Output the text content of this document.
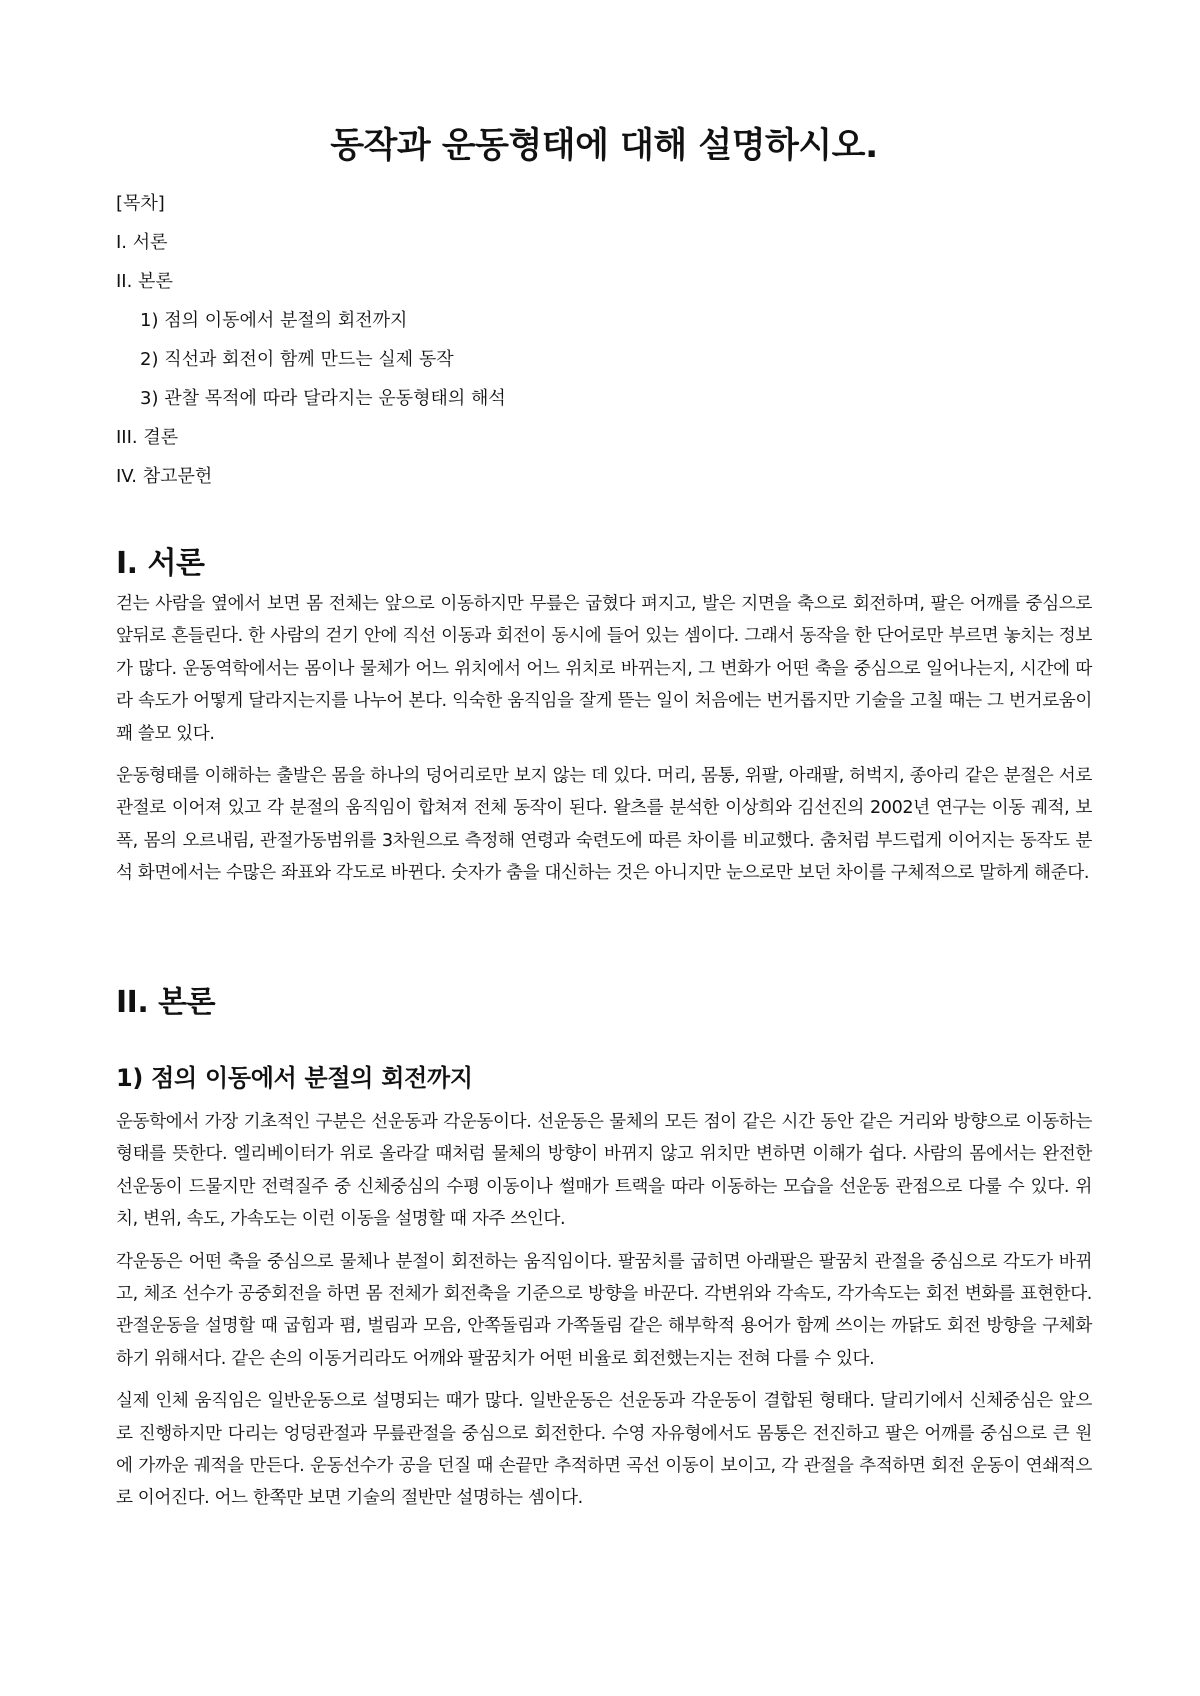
동작과 운동형태에 대해 설명하시오.
[목차]
I. 서론
II. 본론
1) 점의 이동에서 분절의 회전까지
2) 직선과 회전이 함께 만드는 실제 동작
3) 관찰 목적에 따라 달라지는 운동형태의 해석
III. 결론
IV. 참고문헌
I. 서론

걷는 사람을 옆에서 보면 몸 전체는 앞으로 이동하지만 무릎은 굽혔다 펴지고, 발은 지면을 축으로 회전하며, 팔은 어깨를 중심으로 앞뒤로 흔들린다. 한 사람의 걷기 안에 직선 이동과 회전이 동시에 들어 있는 셈이다. 그래서 동작을 한 단어로만 부르면 놓치는 정보가 많다. 운동역학에서는 몸이나 물체가 어느 위치에서 어느 위치로 바뀌는지, 그 변화가 어떤 축을 중심으로 일어나는지, 시간에 따라 속도가 어떻게 달라지는지를 나누어 본다. 익숙한 움직임을 잘게 뜯는 일이 처음에는 번거롭지만 기술을 고칠 때는 그 번거로움이 꽤 쓸모 있다.

운동형태를 이해하는 출발은 몸을 하나의 덩어리로만 보지 않는 데 있다. 머리, 몸통, 위팔, 아래팔, 허벅지, 종아리 같은 분절은 서로 관절로 이어져 있고 각 분절의 움직임이 합쳐져 전체 동작이 된다. 왈츠를 분석한 이상희와 김선진의 2002년 연구는 이동 궤적, 보폭, 몸의 오르내림, 관절가동범위를 3차원으로 측정해 연령과 숙련도에 따른 차이를 비교했다. 춤처럼 부드럽게 이어지는 동작도 분석 화면에서는 수많은 좌표와 각도로 바뀐다. 숫자가 춤을 대신하는 것은 아니지만 눈으로만 보던 차이를 구체적으로 말하게 해준다.

II. 본론
1) 점의 이동에서 분절의 회전까지

운동학에서 가장 기초적인 구분은 선운동과 각운동이다. 선운동은 물체의 모든 점이 같은 시간 동안 같은 거리와 방향으로 이동하는 형태를 뜻한다. 엘리베이터가 위로 올라갈 때처럼 물체의 방향이 바뀌지 않고 위치만 변하면 이해가 쉽다. 사람의 몸에서는 완전한 선운동이 드물지만 전력질주 중 신체중심의 수평 이동이나 썰매가 트랙을 따라 이동하는 모습을 선운동 관점으로 다룰 수 있다. 위치, 변위, 속도, 가속도는 이런 이동을 설명할 때 자주 쓰인다.

각운동은 어떤 축을 중심으로 물체나 분절이 회전하는 움직임이다. 팔꿈치를 굽히면 아래팔은 팔꿈치 관절을 중심으로 각도가 바뀌고, 체조 선수가 공중회전을 하면 몸 전체가 회전축을 기준으로 방향을 바꾼다. 각변위와 각속도, 각가속도는 회전 변화를 표현한다. 관절운동을 설명할 때 굽힘과 폄, 벌림과 모음, 안쪽돌림과 가쪽돌림 같은 해부학적 용어가 함께 쓰이는 까닭도 회전 방향을 구체화하기 위해서다. 같은 손의 이동거리라도 어깨와 팔꿈치가 어떤 비율로 회전했는지는 전혀 다를 수 있다.

실제 인체 움직임은 일반운동으로 설명되는 때가 많다. 일반운동은 선운동과 각운동이 결합된 형태다. 달리기에서 신체중심은 앞으로 진행하지만 다리는 엉덩관절과 무릎관절을 중심으로 회전한다. 수영 자유형에서도 몸통은 전진하고 팔은 어깨를 중심으로 큰 원에 가까운 궤적을 만든다. 운동선수가 공을 던질 때 손끝만 추적하면 곡선 이동이 보이고, 각 관절을 추적하면 회전 운동이 연쇄적으로 이어진다. 어느 한쪽만 보면 기술의 절반만 설명하는 셈이다.
